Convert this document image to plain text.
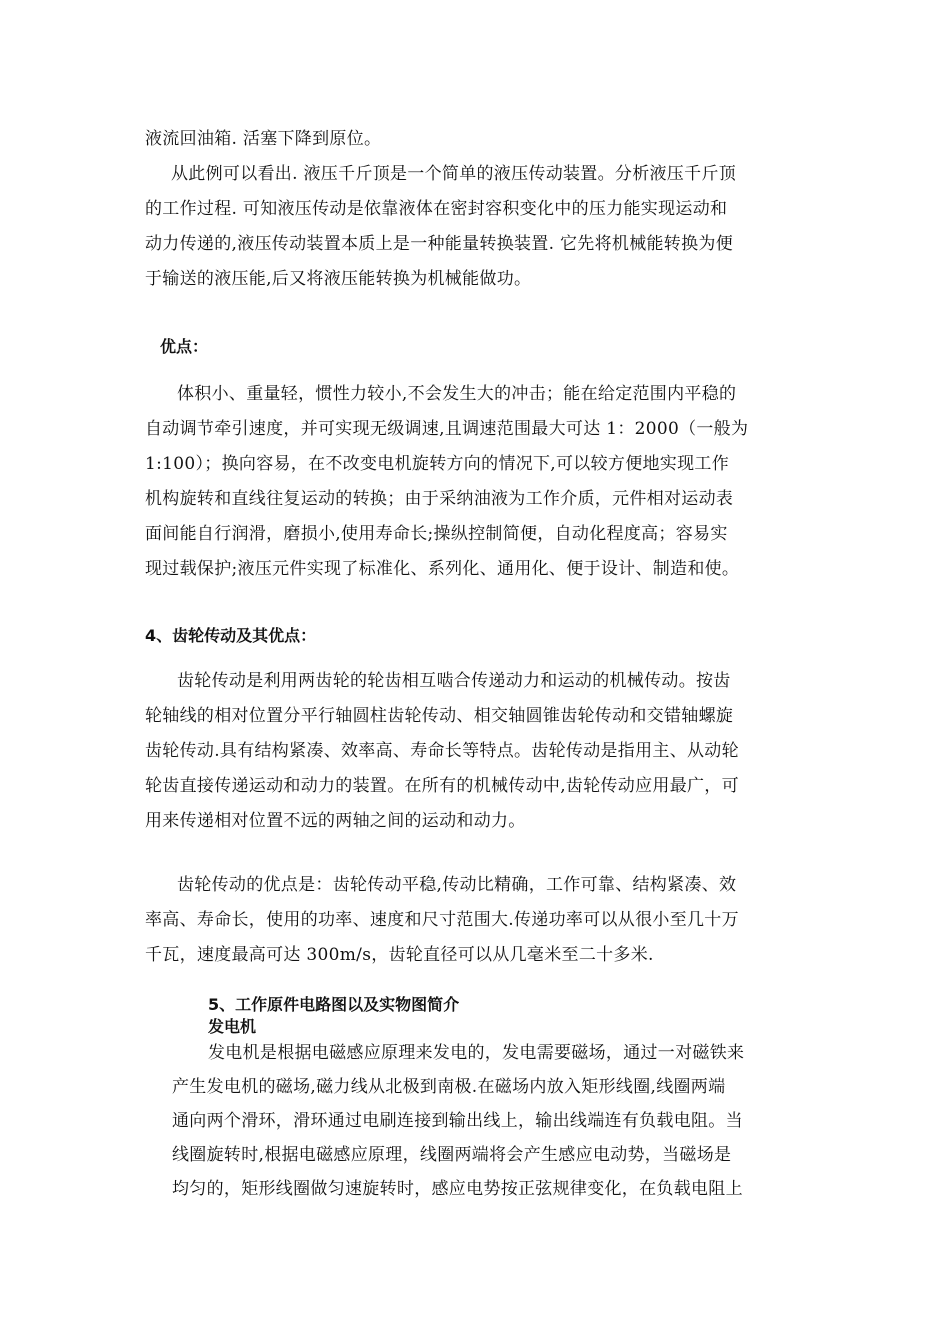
液流回油箱. 活塞下降到原位。
从此例可以看出. 液压千斤顶是一个简单的液压传动装置。分析液压千斤顶
的工作过程. 可知液压传动是依靠液体在密封容积变化中的压力能实现运动和
动力传递的,液压传动装置本质上是一种能量转换装置. 它先将机械能转换为便
于输送的液压能,后又将液压能转换为机械能做功。
优点：
体积小、重量轻，惯性力较小,不会发生大的冲击；能在给定范围内平稳的
自动调节牵引速度，并可实现无级调速,且调速范围最大可达 1：2000（一般为
1:100）；换向容易，在不改变电机旋转方向的情况下,可以较方便地实现工作
机构旋转和直线往复运动的转换；由于采纳油液为工作介质，元件相对运动表
面间能自行润滑，磨损小,使用寿命长;操纵控制简便，自动化程度高；容易实
现过载保护;液压元件实现了标准化、系列化、通用化、便于设计、制造和使。
4、齿轮传动及其优点：
齿轮传动是利用两齿轮的轮齿相互啮合传递动力和运动的机械传动。按齿
轮轴线的相对位置分平行轴圆柱齿轮传动、相交轴圆锥齿轮传动和交错轴螺旋
齿轮传动.具有结构紧凑、效率高、寿命长等特点。齿轮传动是指用主、从动轮
轮齿直接传递运动和动力的装置。在所有的机械传动中,齿轮传动应用最广，可
用来传递相对位置不远的两轴之间的运动和动力。
齿轮传动的优点是：齿轮传动平稳,传动比精确，工作可靠、结构紧凑、效
率高、寿命长，使用的功率、速度和尺寸范围大.传递功率可以从很小至几十万
千瓦，速度最高可达 300m/s，齿轮直径可以从几毫米至二十多米.
5、工作原件电路图以及实物图简介
发电机
发电机是根据电磁感应原理来发电的，发电需要磁场，通过一对磁铁来
产生发电机的磁场,磁力线从北极到南极.在磁场内放入矩形线圈,线圈两端
通向两个滑环，滑环通过电刷连接到输出线上，输出线端连有负载电阻。当
线圈旋转时,根据电磁感应原理，线圈两端将会产生感应电动势，当磁场是
均匀的，矩形线圈做匀速旋转时，感应电势按正弦规律变化，在负载电阻上
